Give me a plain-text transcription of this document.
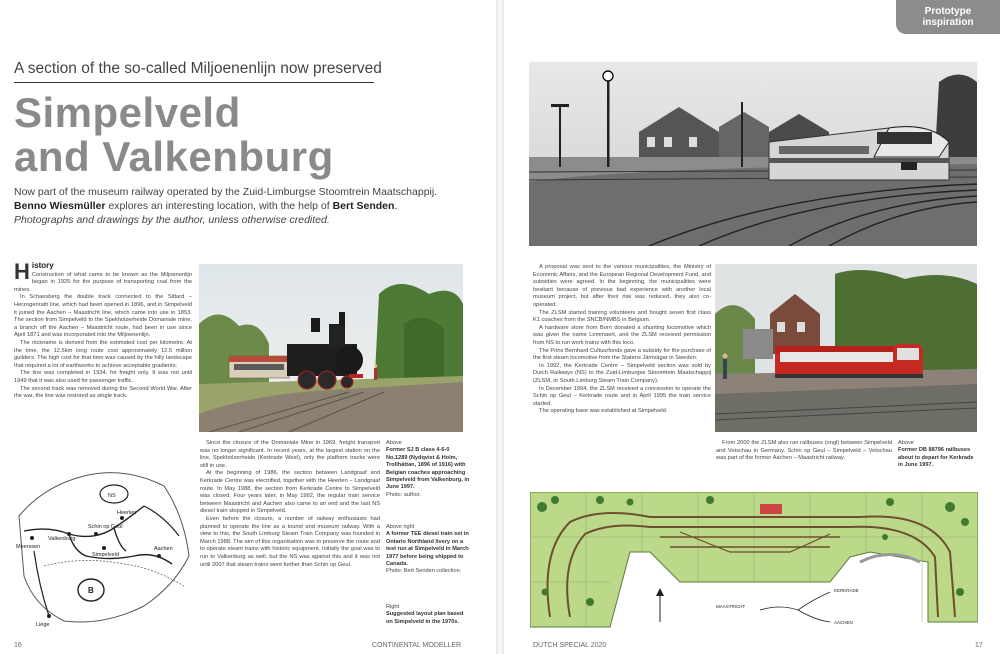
Prototype
inspiration
A section of the so-called Miljoenenlijn now preserved
Simpelveld
and Valkenburg
Now part of the museum railway operated by the Zuid-Limburgse Stoomtrein Maatschappij.
Benno Wiesmüller explores an interesting location, with the help of Bert Senden.
Photographs and drawings by the author, unless otherwise credited.
History

Construction of what came to be known as the Miljoenenlijn began in 1925 for the purpose of transporting coal from the mines.

In Schaesberg the double track connected to the Sittard – Herzogenrath line, which had been opened in 1896, and in Simpelveld it joined the Aachen – Maastricht line, which came into use in 1853. The section from Simpelveld to the Spekholzerheide Domaniale mine, a branch off the Aachen – Maastricht route, had been in use since April 1871 and was incorporated into the Miljoenenlijn.

The nickname is derived from the estimated cost per kilometre. At the time, the 12.5km long route cost approximately 12.5 million guilders. The high cost for that time was caused by the hilly landscape that required a lot of earthworks to achieve acceptable gradients.

The line was completed in 1934, for freight only. It was not until 1949 that it was also used for passenger traffic.

The second track was removed during the Second World War. After the war, the line was restored as single track.

Since the closure of the Domaniale Mine in 1969, freight transport was no longer significant. In recent years, at the largest station on the line, Spekholzerheide (Kerkrade West), only the platform tracks were still in use.

At the beginning of 1986, the section between Landgraaf and Kerkrade Centre was electrified, together with the Heerlen – Landgraaf route. In May 1988, the section from Kerkrade Centre to Simpelveld was closed. Four years later, in May 1992, the regular train service between Maastricht and Aachen also came to an end and the last NS diesel train stopped in Simpelveld.

Even before the closure, a number of railway enthusiasts had planned to operate the line as a tourist and museum railway. With a view to this, the South Limburg Steam Train Company was founded in March 1988. The aim of this organisation was to preserve the route and to operate steam trains with historic equipment. Initially the goal was to run to Valkenburg as well, but the NS was against this and it was not until 2007 that steam trains went further than Schin op Geul.

Above
Former SJ B class 4-6-0 No.1289 (Nydqvist & Holm, Trollhättan, 1896 of 1916) with Belgian coaches approaching Simpelveld from Valkenburg, in June 1997.
Photo: author.
Above right
A former TEE diesel train set in Ontario Northland livery on a test run at Simpelveld in March 1977 before being shipped to Canada.
Photo: Bert Senden collection.
Right
Suggested layout plan based on Simpelveld in the 1970s.
NS
B
Heerlen
Schin op Geul
Valkenburg
Simpelveld
Meerssen	Aachen
Liège
16	CONTINENTAL MODELLER

A proposal was sent to the various municipalities, the Ministry of Economic Affairs, and the European Regional Development Fund, and subsidies were agreed. In the beginning, the municipalities were hesitant because of previous bad experience with another local museum project, but after their risk was reduced, they also co-operated.

The ZLSM started training volunteers and bought seven first class K1 coaches from the SNCB/NMBS in Belgium.

A hardware store from Born donated a shunting locomotive which was given the name Lommaert, and the ZLSM received permission from NS to run work trains with this loco.

The Prins Bernhard Cultuurfonds gave a subsidy for the purchase of the first steam locomotive from the Statens Järnvägar in Sweden.

In 1992, the Kerkrade Centre – Simpelveld section was sold by Dutch Railways (NS) to the Zuid-Limburgse Stoomtrein Maatschappij (ZLSM, or South Limburg Steam Train Company).

In December 1994, the ZLSM received a concession to operate the Schin op Geul – Kerkrade route and in April 1995 the train service started.

The operating base was established at Simpelveld.

From 2000 the ZLSM also ran railbuses (ongl) between Simpelveld and Vetschau in Germany. Schin op Geul – Simpelveld – Vetschau was part of the former Aachen – Maastricht railway.

Above
Former DB 88796 railbuses about to depart for Kerkrade in June 1997.
MAASTRICHT
KERKRADE
AACHEN
DUTCH SPECIAL 2020	17
